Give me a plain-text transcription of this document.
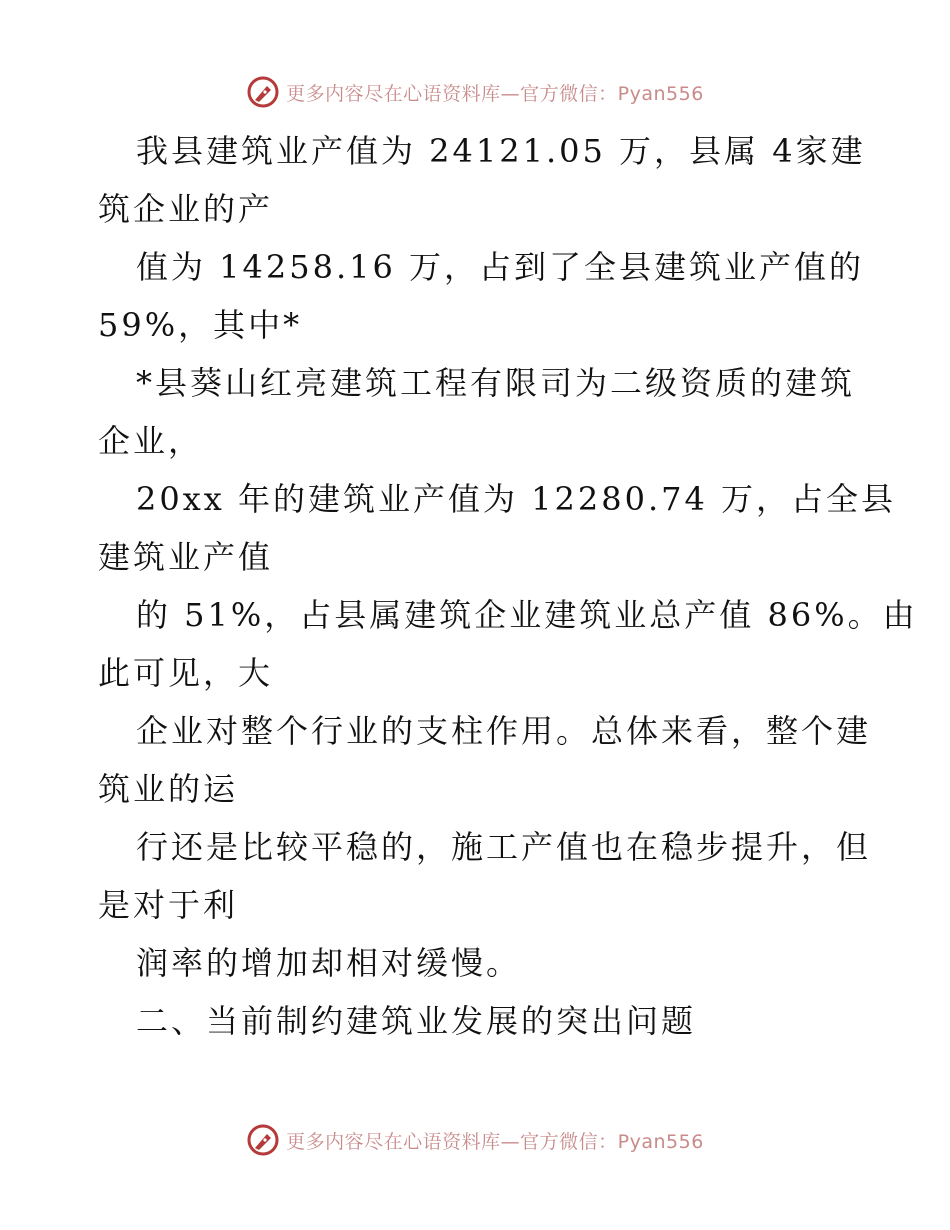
更多内容尽在心语资料库—官方微信：Pyan556
我县建筑业产值为 24121.05 万，县属 4家建
筑企业的产
值为 14258.16 万，占到了全县建筑业产值的
59%，其中*
*县葵山红亮建筑工程有限司为二级资质的建筑
企业，
20xx 年的建筑业产值为 12280.74 万，占全县
建筑业产值
的 51%，占县属建筑企业建筑业总产值 86%。由
此可见，大
企业对整个行业的支柱作用。总体来看，整个建
筑业的运
行还是比较平稳的，施工产值也在稳步提升，但
是对于利
润率的增加却相对缓慢。
二、当前制约建筑业发展的突出问题
更多内容尽在心语资料库—官方微信：Pyan556
